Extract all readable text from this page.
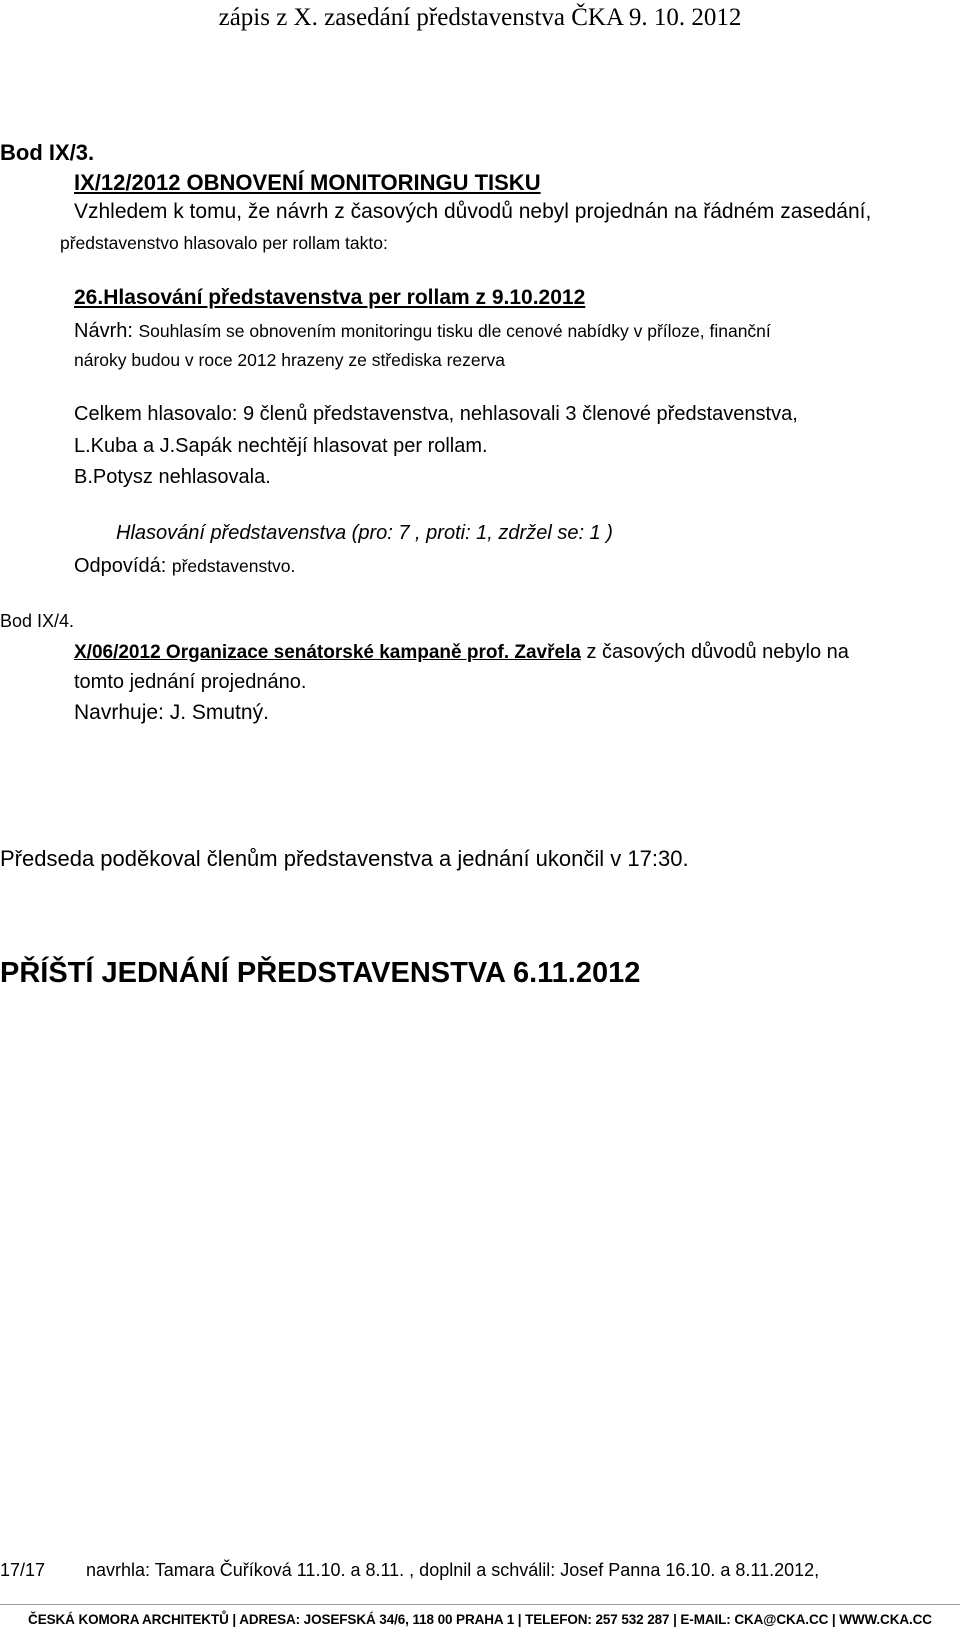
zápis z X. zasedání představenstva ČKA 9. 10. 2012
Bod IX/3.
IX/12/2012 OBNOVENÍ MONITORINGU TISKU
Vzhledem k tomu, že návrh z časových důvodů nebyl projednán na řádném zasedání,
představenstvo hlasovalo per rollam takto:
26.Hlasování představenstva per rollam z 9.10.2012
Návrh: Souhlasím se obnovením monitoringu tisku dle cenové nabídky v příloze, finanční
nároky budou v roce 2012 hrazeny ze střediska rezerva
Celkem hlasovalo: 9 členů představenstva, nehlasovali 3 členové představenstva,
L.Kuba a J.Sapák nechtějí hlasovat per rollam.
B.Potysz nehlasovala.
Hlasování představenstva (pro: 7 , proti: 1, zdržel se: 1 )
Odpovídá: představenstvo.
Bod IX/4.
X/06/2012 Organizace senátorské kampaně prof. Zavřela z časových důvodů nebylo na
tomto jednání projednáno.
Navrhuje: J. Smutný.
Předseda poděkoval členům představenstva a jednání ukončil v 17:30.
PŘÍŠTÍ JEDNÁNÍ PŘEDSTAVENSTVA 6.11.2012
17/17 navrhla: Tamara Čuříková 11.10. a 8.11. , doplnil a schválil: Josef Panna 16.10. a 8.11.2012,
ČESKÁ KOMORA ARCHITEKTŮ | ADRESA: JOSEFSKÁ 34/6, 118 00 PRAHA 1 | TELEFON: 257 532 287 | E-MAIL: CKA@CKA.CC | WWW.CKA.CC
